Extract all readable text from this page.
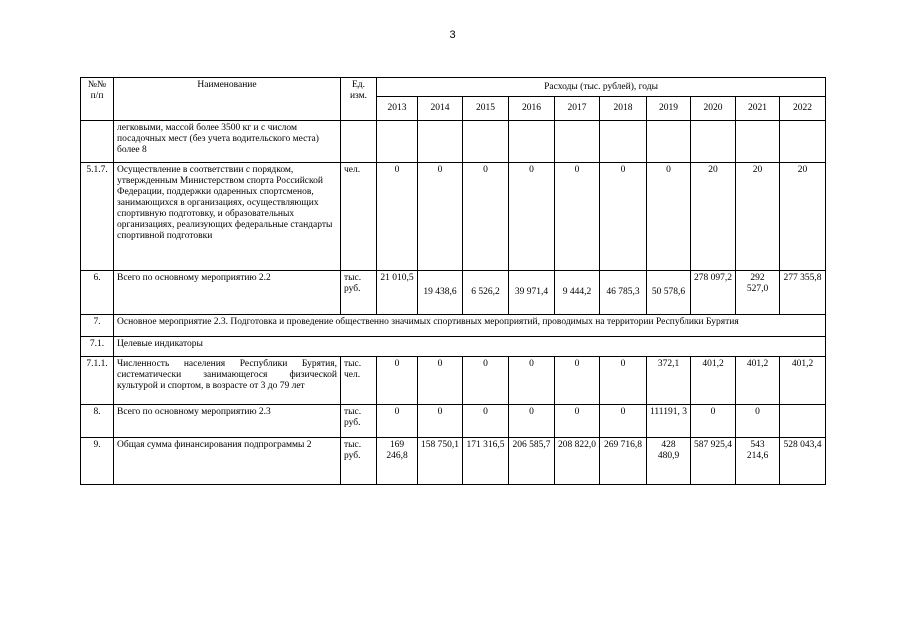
3
№№ п/п	Наименование	Ед. изм.	Расходы (тыс. рублей), годы									
			2013	2014	2015	2016	2017	2018	2019	2020	2021	2022
	легковыми, массой более 3500 кг и с числом посадочных мест (без учета водительского места) более 8											
5.1.7.	Осуществление в соответствии с порядком, утвержденным Министерством спорта Российской Федерации, поддержки одаренных спортсменов, занимающихся в организациях, осуществляющих спортивную подготовку, и образовательных организациях, реализующих федеральные стандарты спортивной подготовки	чел.	0	0	0	0	0	0	0	20	20	20
6.	Всего по основному мероприятию 2.2	тыс. руб.	21 010,5	19 438,6	6 526,2	39 971,4	9 444,2	46 785,3	50 578,6	278 097,2	292 527,0	277 355,8
7.	Основное мероприятие 2.3. Подготовка и проведение общественно значимых спортивных мероприятий, проводимых на территории Республики Бурятия											
7.1.	Целевые индикаторы											
7.1.1.	Численность населения Республики Бурятия, систематически занимающегося физической культурой и спортом, в возрасте от 3 до 79 лет	тыс. чел.	0	0	0	0	0	0	372,1	401,2	401,2	401,2
8.	Всего по основному мероприятию 2.3	тыс. руб.	0	0	0	0	0	0	111191, 3	0	0	
9.	Общая сумма финансирования подпрограммы 2	тыс. руб.	169 246,8	158 750,1	171 316,5	206 585,7	208 822,0	269 716,8	428 480,9	587 925,4	543 214,6	528 043,4
